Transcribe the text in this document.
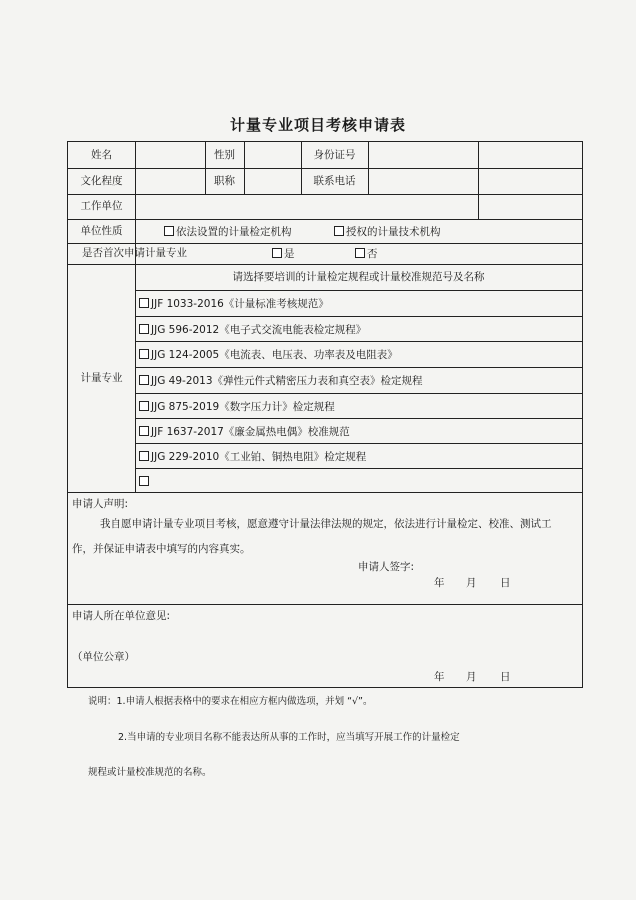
计量专业项目考核申请表
姓名	性别	身份证号
文化程度	职称	联系电话
工作单位
单位性质	依法设置的计量检定机构	授权的计量技术机构
是否首次申请计量专业	是	否
计量专业
请选择要培训的计量检定规程或计量校准规范号及名称
JJF 1033-2016《计量标准考核规范》
JJG 596-2012《电子式交流电能表检定规程》
JJG 124-2005《电流表、电压表、功率表及电阻表》
JJG 49-2013《弹性元件式精密压力表和真空表》检定规程
JJG 875-2019《数字压力计》检定规程
JJF 1637-2017《廉金属热电偶》校准规范
JJG 229-2010《工业铂、铜热电阻》检定规程
申请人声明:
我自愿申请计量专业项目考核，愿意遵守计量法律法规的规定，依法进行计量检定、校准、测试工作，并保证申请表中填写的内容真实。
申请人签字:
年 月 日
申请人所在单位意见:
（单位公章）
年 月 日
说明：1.申请人根据表格中的要求在相应方框内做选项，并划 “√”。
2.当申请的专业项目名称不能表达所从事的工作时，应当填写开展工作的计量检定
规程或计量校准规范的名称。
